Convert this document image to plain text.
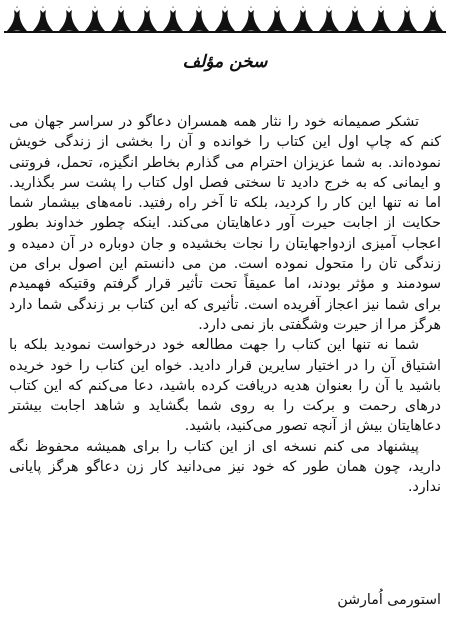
سخن مؤلف

تشکر صمیمانه خود را نثار همه همسران دعاگو در سراسر جهان می کنم که چاپ اول این کتاب را خوانده و آن را بخشی از زندگی خویش نموده‌اند. به شما عزیزان احترام می گذارم بخاطر انگیزه، تحمل، فروتنی و ایمانی که به خرج دادید تا سختی فصل اول کتاب را پشت سر بگذارید. اما نه تنها این کار را کردید، بلکه تا آخر راه رفتید. نامه‌های بیشمار شما حکایت از اجابت حیرت آور دعاهایتان می‌کند. اینکه چطور خداوند بطور اعجاب آمیزی ازدواجهایتان را نجات بخشیده و جان دوباره در آن دمیده و زندگی تان را متحول نموده است. من می دانستم این اصول برای من سودمند و مؤثر بودند، اما عمیقاً تحت تأثیر قرار گرفتم وقتیکه فهمیدم برای شما نیز اعجاز آفریده است. تأثیری که این کتاب بر زندگی شما دارد هرگز مرا از حیرت وشگفتی باز نمی دارد.

شما نه تنها این کتاب را جهت مطالعه خود درخواست نمودید بلکه با اشتیاق آن را در اختیار سایرین قرار دادید. خواه این کتاب را خود خریده باشید یا آن را بعنوان هدیه دریافت کرده باشید، دعا می‌کنم که این کتاب درهای رحمت و برکت را به روی شما بگشاید و شاهد اجابت بیشتر دعاهایتان بیش از آنچه تصور می‌کنید، باشید.

پیشنهاد می کنم نسخه ای از این کتاب را برای همیشه محفوظ نگه دارید، چون همان طور که خود نیز می‌دانید کار زن دعاگو هرگز پایانی ندارد.

استورمی اُمارشن
